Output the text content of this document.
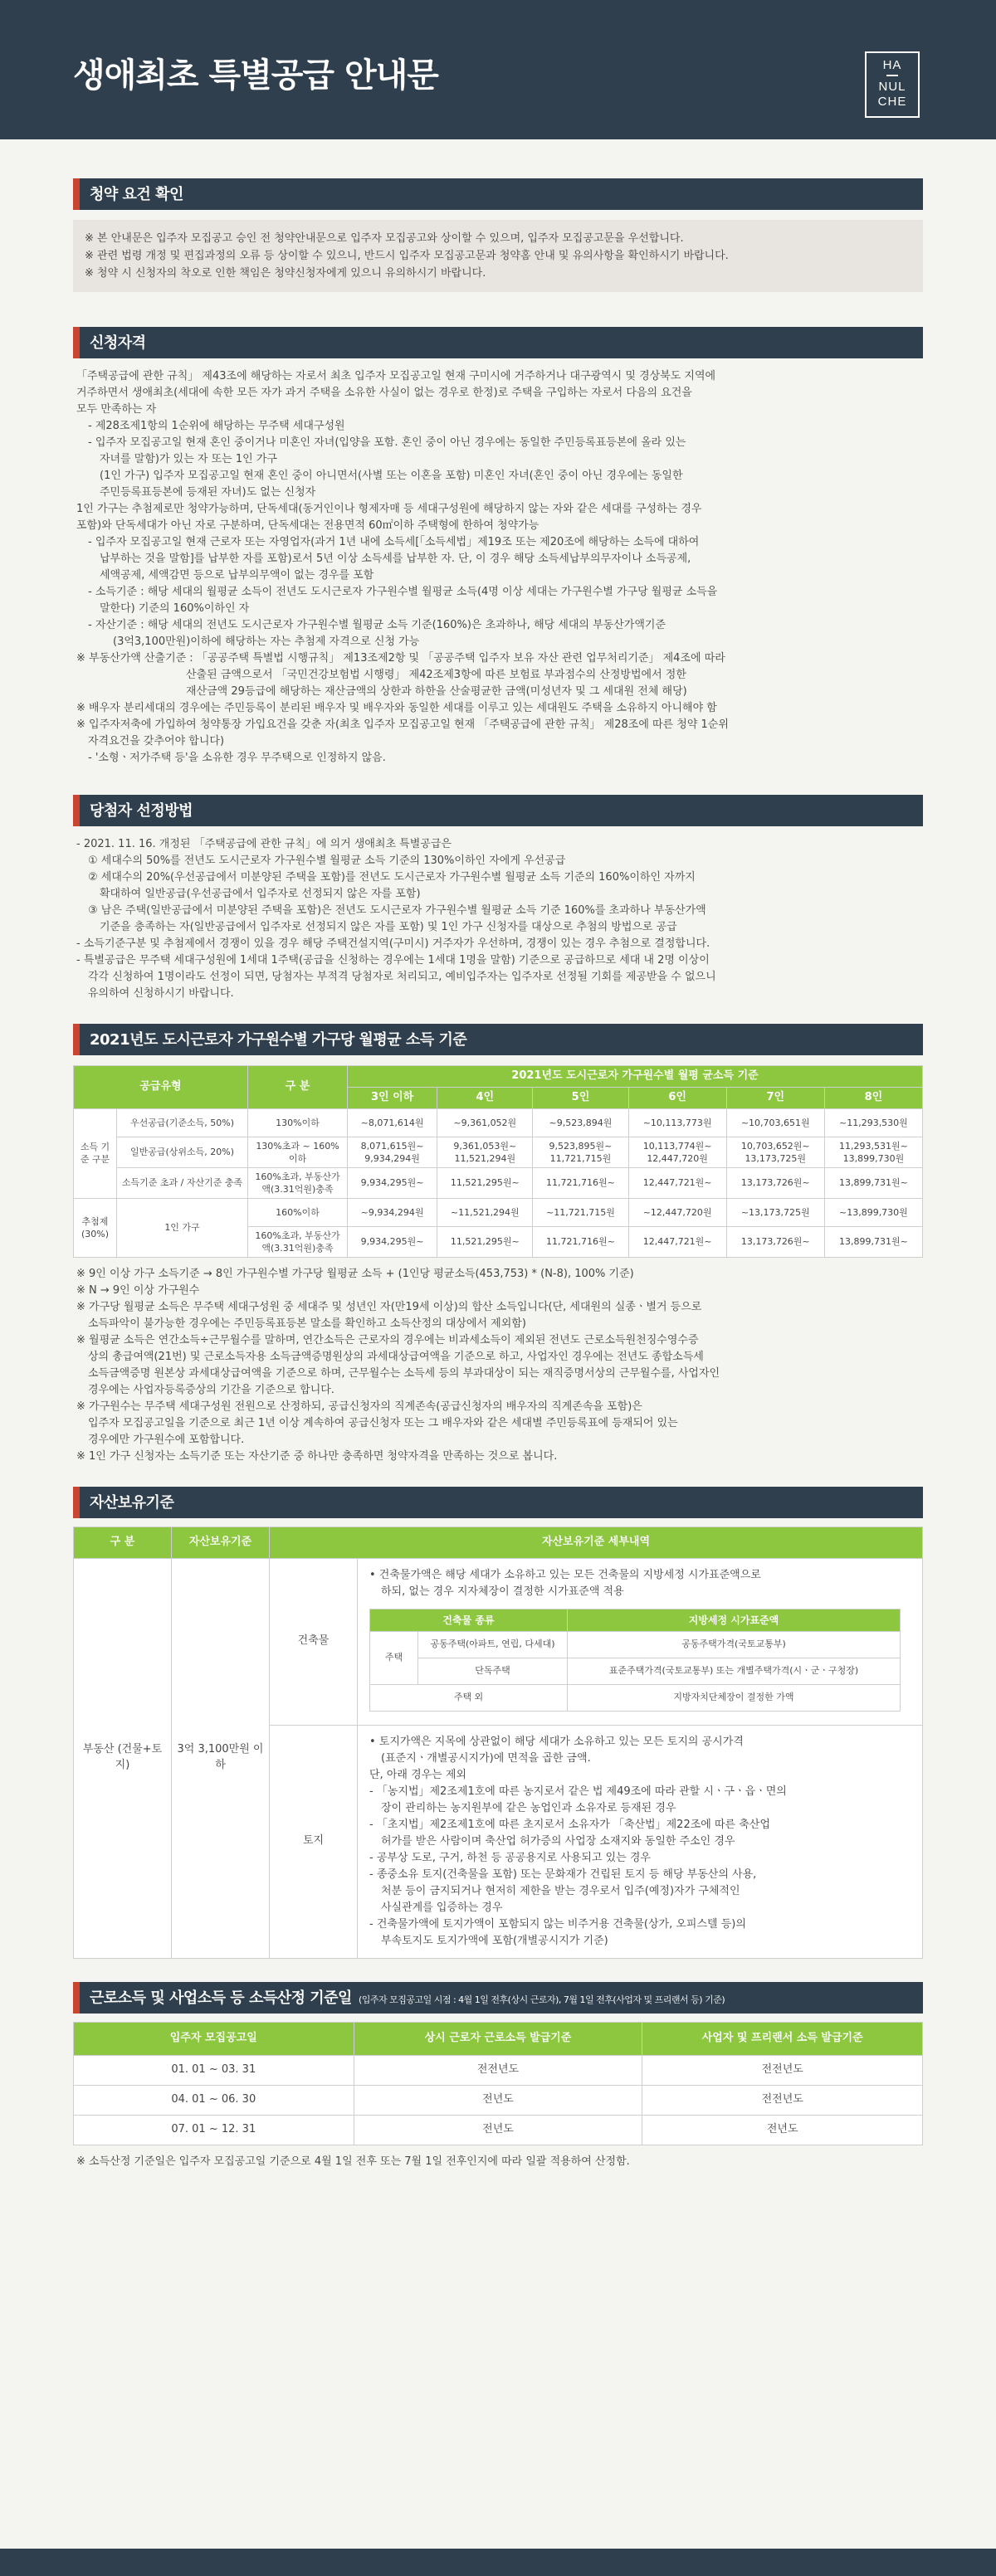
생애최초 특별공급 안내문	HA
NUL
CHE
청약 요건 확인

※ 본 안내문은 입주자 모집공고 승인 전 청약안내문으로 입주자 모집공고와 상이할 수 있으며, 입주자 모집공고문을 우선합니다.

※ 관련 법령 개정 및 편집과정의 오류 등 상이할 수 있으니, 반드시 입주자 모집공고문과 청약홈 안내 및 유의사항을 확인하시기 바랍니다.

※ 청약 시 신청자의 착오로 인한 책임은 청약신청자에게 있으니 유의하시기 바랍니다.

신청자격

「주택공급에 관한 규칙」 제43조에 해당하는 자로서 최초 입주자 모집공고일 현재 구미시에 거주하거나 대구광역시 및 경상북도 지역에

거주하면서 생애최초(세대에 속한 모든 자가 과거 주택을 소유한 사실이 없는 경우로 한정)로 주택을 구입하는 자로서 다음의 요건을

모두 만족하는 자

- 제28조제1항의 1순위에 해당하는 무주택 세대구성원

- 입주자 모집공고일 현재 혼인 중이거나 미혼인 자녀(입양을 포함. 혼인 중이 아닌 경우에는 동일한 주민등록표등본에 올라 있는

자녀를 말함)가 있는 자 또는 1인 가구

(1인 가구) 입주자 모집공고일 현재 혼인 중이 아니면서(사별 또는 이혼을 포함) 미혼인 자녀(혼인 중이 아닌 경우에는 동일한

주민등록표등본에 등재된 자녀)도 없는 신청자

1인 가구는 추첨제로만 청약가능하며, 단독세대(동거인이나 형제자매 등 세대구성원에 해당하지 않는 자와 같은 세대를 구성하는 경우

포함)와 단독세대가 아닌 자로 구분하며, 단독세대는 전용면적 60㎡이하 주택형에 한하여 청약가능

- 입주자 모집공고일 현재 근로자 또는 자영업자(과거 1년 내에 소득세[「소득세법」제19조 또는 제20조에 해당하는 소득에 대하여

납부하는 것을 말함]를 납부한 자를 포함)로서 5년 이상 소득세를 납부한 자. 단, 이 경우 해당 소득세납부의무자이나 소득공제,

세액공제, 세액감면 등으로 납부의무액이 없는 경우를 포함

- 소득기준 : 해당 세대의 월평균 소득이 전년도 도시근로자 가구원수별 월평균 소득(4명 이상 세대는 가구원수별 가구당 월평균 소득을

말한다) 기준의 160%이하인 자

- 자산기준 : 해당 세대의 전년도 도시근로자 가구원수별 월평균 소득 기준(160%)은 초과하나, 해당 세대의 부동산가액기준

(3억3,100만원)이하에 해당하는 자는 추첨제 자격으로 신청 가능

※ 부동산가액 산출기준 : 「공공주택 특별법 시행규칙」 제13조제2항 및 「공공주택 입주자 보유 자산 관련 업무처리기준」 제4조에 따라

산출된 금액으로서 「국민건강보험법 시행령」 제42조제3항에 따른 보험료 부과점수의 산정방법에서 정한

재산금액 29등급에 해당하는 재산금액의 상한과 하한을 산술평균한 금액(미성년자 및 그 세대원 전체 해당)

※ 배우자 분리세대의 경우에는 주민등록이 분리된 배우자 및 배우자와 동일한 세대를 이루고 있는 세대원도 주택을 소유하지 아니해야 함

※ 입주자저축에 가입하여 청약통장 가입요건을 갖춘 자(최초 입주자 모집공고일 현재 「주택공급에 관한 규칙」 제28조에 따른 청약 1순위

자격요건을 갖추어야 합니다)

- '소형ㆍ저가주택 등'을 소유한 경우 무주택으로 인정하지 않음.

당첨자 선정방법

- 2021. 11. 16. 개정된 「주택공급에 관한 규칙」에 의거 생애최초 특별공급은

① 세대수의 50%를 전년도 도시근로자 가구원수별 월평균 소득 기준의 130%이하인 자에게 우선공급

② 세대수의 20%(우선공급에서 미분양된 주택을 포함)를 전년도 도시근로자 가구원수별 월평균 소득 기준의 160%이하인 자까지

확대하여 일반공급(우선공급에서 입주자로 선정되지 않은 자를 포함)

③ 남은 주택(일반공급에서 미분양된 주택을 포함)은 전년도 도시근로자 가구원수별 월평균 소득 기준 160%를 초과하나 부동산가액

기준을 충족하는 자(일반공급에서 입주자로 선정되지 않은 자를 포함) 및 1인 가구 신청자를 대상으로 추첨의 방법으로 공급

- 소득기준구분 및 추첨제에서 경쟁이 있을 경우 해당 주택건설지역(구미시) 거주자가 우선하며, 경쟁이 있는 경우 추첨으로 결정합니다.

- 특별공급은 무주택 세대구성원에 1세대 1주택(공급을 신청하는 경우에는 1세대 1명을 말함) 기준으로 공급하므로 세대 내 2명 이상이

각각 신청하여 1명이라도 선정이 되면, 당첨자는 부적격 당첨자로 처리되고, 예비입주자는 입주자로 선정될 기회를 제공받을 수 없으니

유의하여 신청하시기 바랍니다.

2021년도 도시근로자 가구원수별 가구당 월평균 소득 기준
공급유형		구 분	2021년도 도시근로자 가구원수별 월평 균소득 기준					
			3인 이하	4인	5인	6인	7인	8인
소득 기준 구분	우선공급(기준소득, 50%)	130%이하	~8,071,614원	~9,361,052원	~9,523,894원	~10,113,773원	~10,703,651원	~11,293,530원
	일반공급(상위소득, 20%)	130%초과 ~ 160% 이하	8,071,615원~ 9,934,294원	9,361,053원~ 11,521,294원	9,523,895원~ 11,721,715원	10,113,774원~ 12,447,720원	10,703,652원~ 13,173,725원	11,293,531원~ 13,899,730원
	소득기준 초과 / 자산기준 충족	160%초과, 부동산가액(3.31억원)충족	9,934,295원~	11,521,295원~	11,721,716원~	12,447,721원~	13,173,726원~	13,899,731원~
추첨제 (30%)	1인 가구	160%이하	~9,934,294원	~11,521,294원	~11,721,715원	~12,447,720원	~13,173,725원	~13,899,730원
		160%초과, 부동산가액(3.31억원)충족	9,934,295원~	11,521,295원~	11,721,716원~	12,447,721원~	13,173,726원~	13,899,731원~

※ 9인 이상 가구 소득기준 → 8인 가구원수별 가구당 월평균 소득 + (1인당 평균소득(453,753) * (N-8), 100% 기준)

※ N → 9인 이상 가구원수

※ 가구당 월평균 소득은 무주택 세대구성원 중 세대주 및 성년인 자(만19세 이상)의 합산 소득입니다(단, 세대원의 실종ㆍ별거 등으로

소득파악이 불가능한 경우에는 주민등록표등본 말소를 확인하고 소득산정의 대상에서 제외함)

※ 월평균 소득은 연간소득÷근무월수를 말하며, 연간소득은 근로자의 경우에는 비과세소득이 제외된 전년도 근로소득원천징수영수증

상의 총급여액(21번) 및 근로소득자용 소득금액증명원상의 과세대상급여액을 기준으로 하고, 사업자인 경우에는 전년도 종합소득세

소득금액증명 원본상 과세대상급여액을 기준으로 하며, 근무월수는 소득세 등의 부과대상이 되는 재직증명서상의 근무월수를, 사업자인

경우에는 사업자등록증상의 기간을 기준으로 합니다.

※ 가구원수는 무주택 세대구성원 전원으로 산정하되, 공급신청자의 직계존속(공급신청자의 배우자의 직계존속을 포함)은

입주자 모집공고일을 기준으로 최근 1년 이상 계속하여 공급신청자 또는 그 배우자와 같은 세대별 주민등록표에 등재되어 있는

경우에만 가구원수에 포함합니다.

※ 1인 가구 신청자는 소득기준 또는 자산기준 중 하나만 충족하면 청약자격을 만족하는 것으로 봅니다.

자산보유기준
구 분	자산보유기준	자산보유기준 세부내역
부동산 (건물+토지)	3억 3,100만원 이하	건축물	

• 건축물가액은 해당 세대가 소유하고 있는 모든 건축물의 지방세정 시가표준액으로

하되, 없는 경우 지자체장이 결정한 시가표준액 적용

건축물 종류	지방세정 시가표준액
주택	공동주택(아파트, 연립, 다세대)	공동주택가격(국토교통부)
단독주택	표준주택가격(국토교통부) 또는 개별주택가격(시ㆍ군ㆍ구청장)
주택 외	지방자치단체장이 결정한 가액

토지	

• 토지가액은 지목에 상관없이 해당 세대가 소유하고 있는 모든 토지의 공시가격

(표준지ㆍ개별공시지가)에 면적을 곱한 금액.

단, 아래 경우는 제외

- 「농지법」제2조제1호에 따른 농지로서 같은 법 제49조에 따라 관할 시ㆍ구ㆍ읍ㆍ면의

장이 관리하는 농지원부에 같은 농업인과 소유자로 등재된 경우

- 「초지법」제2조제1호에 따른 초지로서 소유자가 「축산법」제22조에 따른 축산업

허가를 받은 사람이며 축산업 허가증의 사업장 소재지와 동일한 주소인 경우

- 공부상 도로, 구거, 하천 등 공공용지로 사용되고 있는 경우

- 종중소유 토지(건축물을 포함) 또는 문화재가 건립된 토지 등 해당 부동산의 사용,

처분 등이 금지되거나 현저히 제한을 받는 경우로서 입주(예정)자가 구체적인

사실관계를 입증하는 경우

- 건축물가액에 토지가액이 포함되지 않는 비주거용 건축물(상가, 오피스텔 등)의

부속토지도 토지가액에 포함(개별공시지가 기준)

근로소득 및 사업소득 등 소득산정 기준일 (입주자 모집공고일 시점 : 4월 1일 전후(상시 근로자), 7월 1일 전후(사업자 및 프리랜서 등) 기준)
입주자 모집공고일	상시 근로자 근로소득 발급기준	사업자 및 프리랜서 소득 발급기준
01. 01 ~ 03. 31	전전년도	전전년도
04. 01 ~ 06. 30	전년도	전전년도
07. 01 ~ 12. 31	전년도	전년도

※ 소득산정 기준일은 입주자 모집공고일 기준으로 4월 1일 전후 또는 7월 1일 전후인지에 따라 일괄 적용하여 산정함.
